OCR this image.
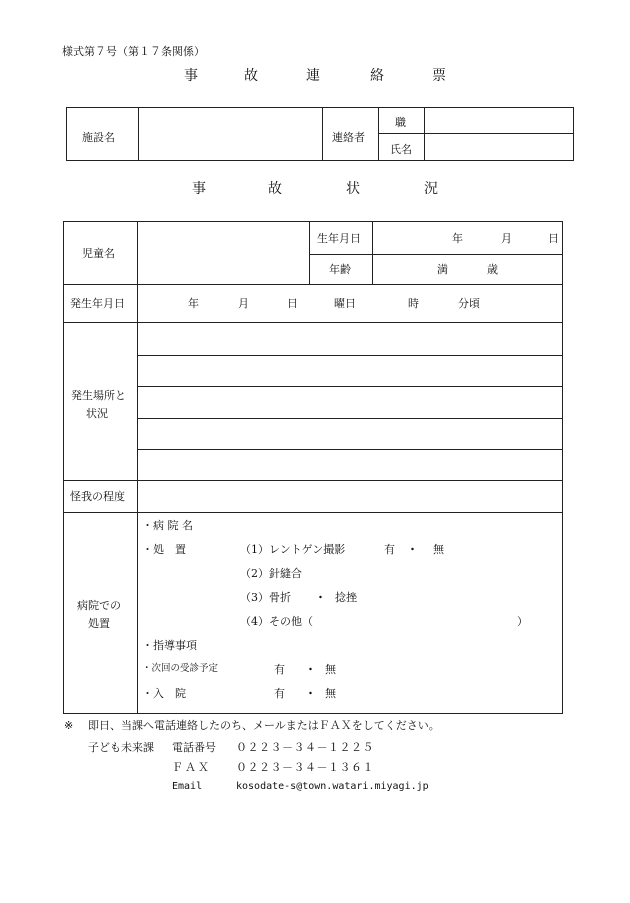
様式第７号（第１７条関係）
事	故	連	絡	票
施設名	連絡者
職
氏名
事	故	状	況
児童名
生年月日	年	月	日
年齢	満	歳
発生年月日	年	月	日	曜日	時	分頃
発生場所と
状況
怪我の程度
病院での
処置
・病 院 名
・処　置	（1）レントゲン撮影	有 ・ 無
（2）針縫合
（3）骨折 ・ 捻挫
（4）その他（	）
・指導事項
・次回の受診予定	有 ・ 無
・入　院	有 ・ 無
※ 即日、当課へ電話連絡したのち、メールまたはＦＡＸをしてください。
子ども未来課 電話番号 ０２２３－３４－１２２５
ＦＡＸ ０２２３－３４－１３６１
Email	kosodate-s@town.watari.miyagi.jp
